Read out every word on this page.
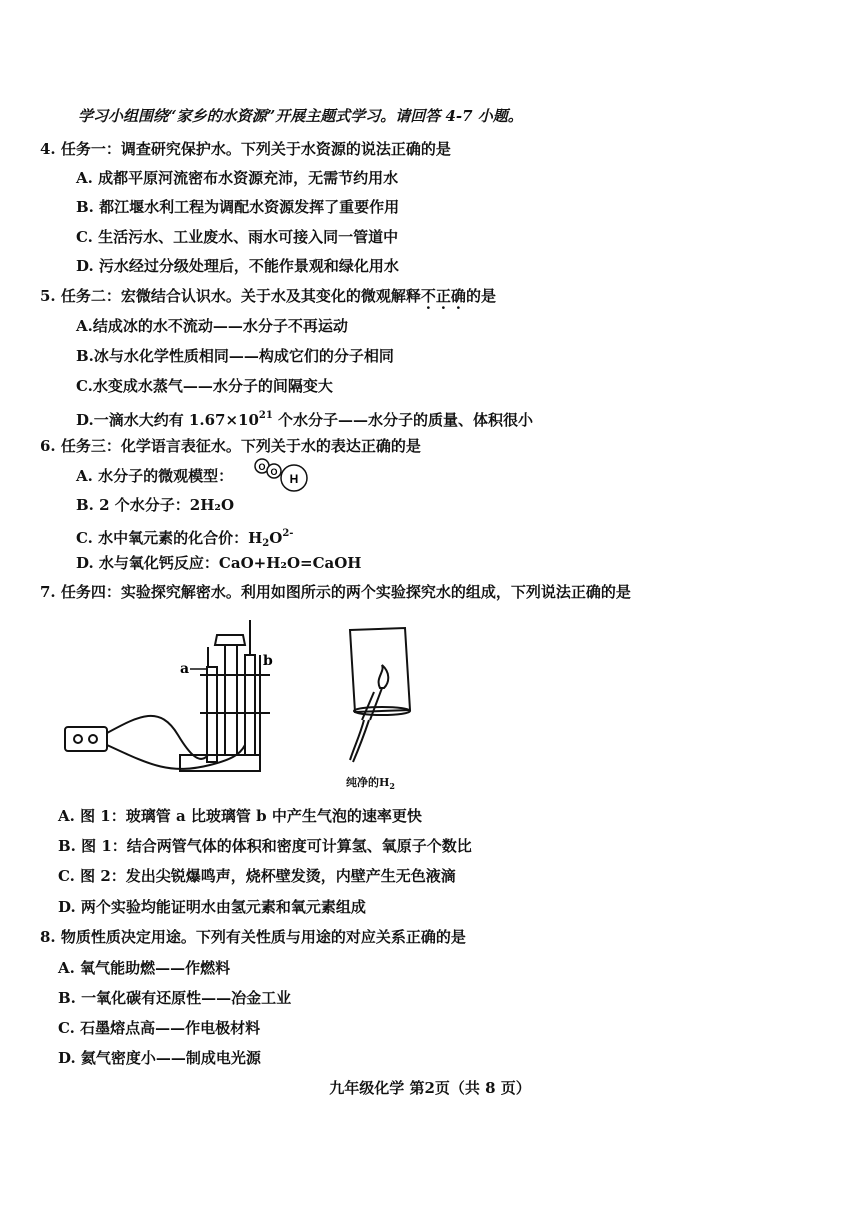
学习小组围绕“家乡的水资源”开展主题式学习。请回答 4-7 小题。
4. 任务一：调查研究保护水。下列关于水资源的说法正确的是
A. 成都平原河流密布水资源充沛，无需节约用水
B. 都江堰水利工程为调配水资源发挥了重要作用
C. 生活污水、工业废水、雨水可接入同一管道中
D. 污水经过分级处理后，不能作景观和绿化用水
5. 任务二：宏微结合认识水。关于水及其变化的微观解释不正确的是
A.结成冰的水不流动——水分子不再运动
B.冰与水化学性质相同——构成它们的分子相同
C.水变成水蒸气——水分子的间隔变大
D.一滴水大约有 $1.67\times 10^{21}$ 个水分子——水分子的质量、体积很小
6. 任务三：化学语言表征水。下列关于水的表达正确的是
A. 水分子的微观模型：	O O H
B. 2 个水分子：2H₂O
C. 水中氧元素的化合价：$H_2O^{2-}$
D. 水与氧化钙反应：CaO+H₂O=CaOH
7. 任务四：实验探究解密水。利用如图所示的两个实验探究水的组成，下列说法正确的是
a	b
纯净的$H_2$
A. 图 1：玻璃管 a 比玻璃管 b 中产生气泡的速率更快
B. 图 1：结合两管气体的体积和密度可计算氢、氧原子个数比
C. 图 2：发出尖锐爆鸣声，烧杯壁发烫，内壁产生无色液滴
D. 两个实验均能证明水由氢元素和氧元素组成
8. 物质性质决定用途。下列有关性质与用途的对应关系正确的是
A. 氧气能助燃——作燃料
B. 一氧化碳有还原性——冶金工业
C. 石墨熔点高——作电极材料
D. 氦气密度小——制成电光源
九年级化学 第2页（共 8 页）
